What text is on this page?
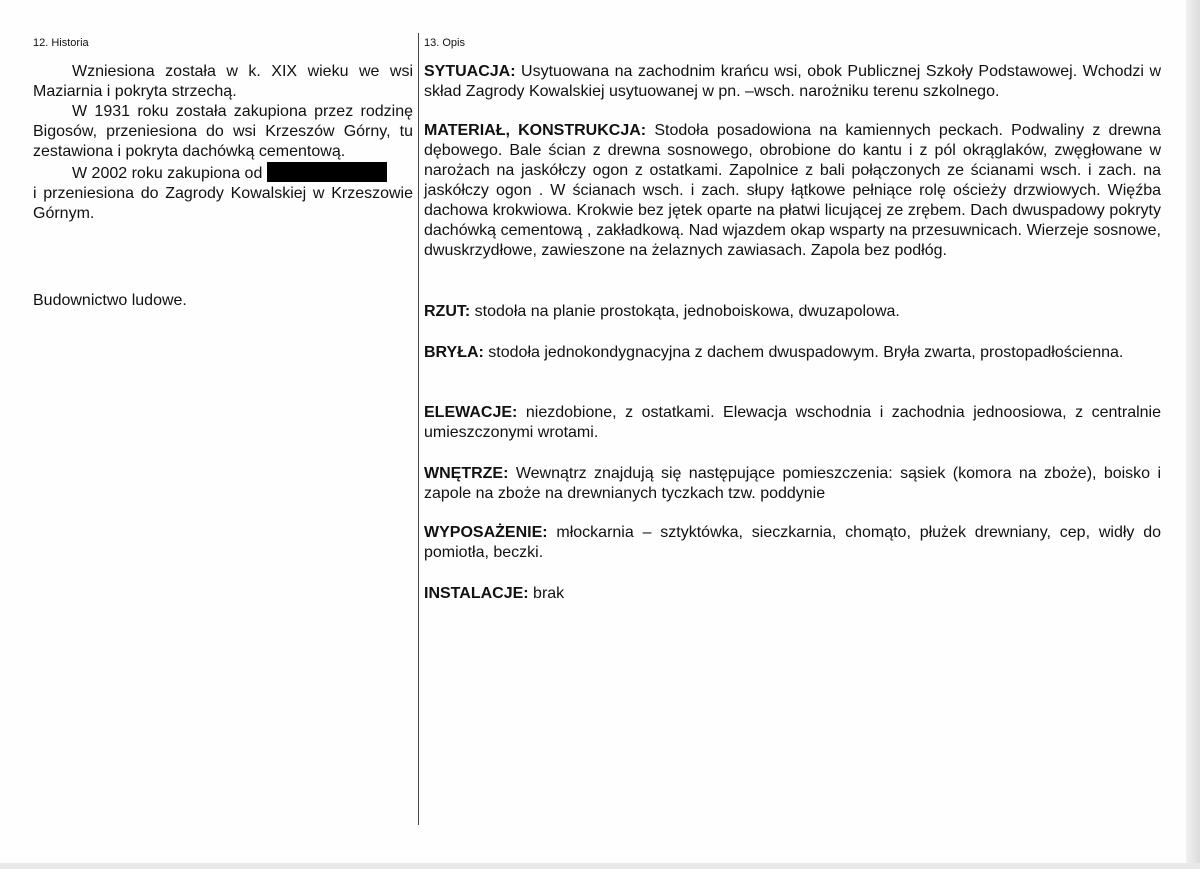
12. Historia	13. Opis

Wzniesiona została w k. XIX wieku we wsi Maziarnia i pokryta strzechą.

W 1931 roku została zakupiona przez rodzinę Bigosów, przeniesiona do wsi Krzeszów Górny, tu zestawiona i pokryta dachówką cementową.

W 2002 roku zakupiona od

i przeniesiona do Zagrody Kowalskiej w Krzeszowie Górnym.

Budownictwo ludowe.

SYTUACJA: Usytuowana na zachodnim krańcu wsi, obok Publicznej Szkoły Podstawowej. Wchodzi w skład Zagrody Kowalskiej usytuowanej w pn. –wsch. narożniku terenu szkolnego.

MATERIAŁ, KONSTRUKCJA: Stodoła posadowiona na kamiennych peckach. Podwaliny z drewna dębowego. Bale ścian z drewna sosnowego, obrobione do kantu i z pól okrąglaków, zwęgłowane w narożach na jaskółczy ogon z ostatkami. Zapolnice z bali połączonych ze ścianami wsch. i zach. na jaskółczy ogon . W ścianach wsch. i zach. słupy łątkowe pełniące rolę ościeży drzwiowych. Więźba dachowa krokwiowa. Krokwie bez jętek oparte na płatwi licującej ze zrębem. Dach dwuspadowy pokryty dachówką cementową , zakładkową. Nad wjazdem okap wsparty na przesuwnicach. Wierzeje sosnowe, dwuskrzydłowe, zawieszone na żelaznych zawiasach. Zapola bez podłóg.

RZUT: stodoła na planie prostokąta, jednoboiskowa, dwuzapolowa.

BRYŁA: stodoła jednokondygnacyjna z dachem dwuspadowym. Bryła zwarta, prostopadłościenna.

ELEWACJE: niezdobione, z ostatkami. Elewacja wschodnia i zachodnia jednoosiowa, z centralnie umieszczonymi wrotami.

WNĘTRZE: Wewnątrz znajdują się następujące pomieszczenia: sąsiek (komora na zboże), boisko i zapole na zboże na drewnianych tyczkach tzw. poddynie

WYPOSAŻENIE: młockarnia – sztyktówka, sieczkarnia, chomąto, płużek drewniany, cep, widły do pomiotła, beczki.

INSTALACJE: brak
